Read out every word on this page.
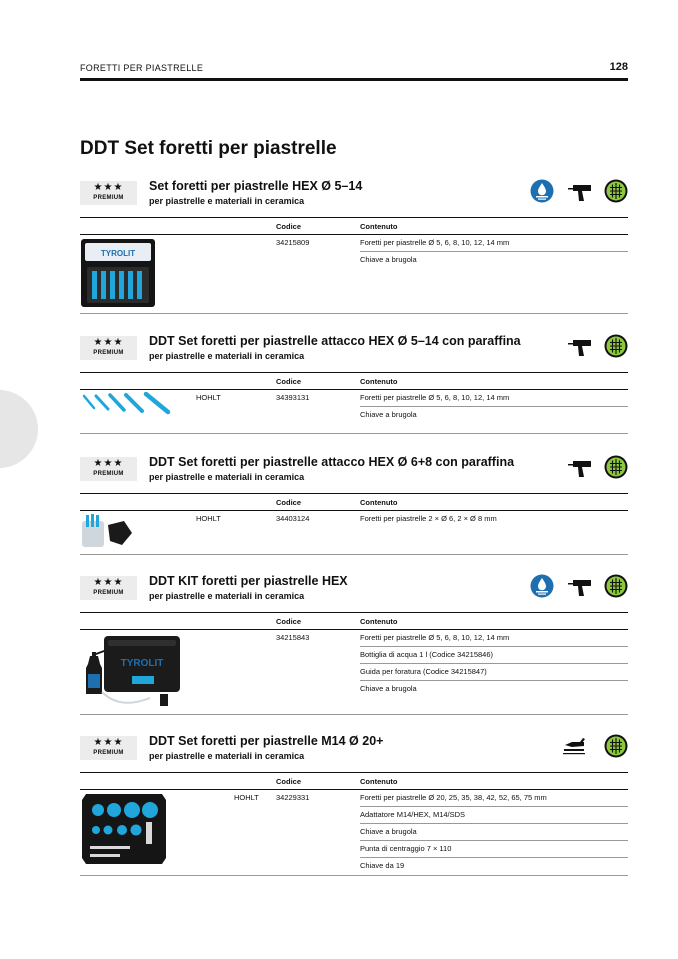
FORETTI PER PIASTRELLE	128
DDT Set foretti per piastrelle
★★★
PREMIUM
Set foretti per piastrelle HEX Ø 5–14
per piastrelle e materiali in ceramica
Codice	Contenuto
TYROLIT
34215809	Foretti per piastrelle Ø 5, 6, 8, 10, 12, 14 mm
Chiave a brugola
★★★
PREMIUM
DDT Set foretti per piastrelle attacco HEX Ø 5–14 con paraffina
per piastrelle e materiali in ceramica
Codice	Contenuto
HOHLT	34393131	Foretti per piastrelle Ø 5, 6, 8, 10, 12, 14 mm
Chiave a brugola
★★★
PREMIUM
DDT Set foretti per piastrelle attacco HEX Ø 6+8 con paraffina
per piastrelle e materiali in ceramica
Codice	Contenuto
HOHLT	34403124	Foretti per piastrelle 2 × Ø 6, 2 × Ø 8 mm
★★★
PREMIUM
DDT KIT foretti per piastrelle HEX
per piastrelle e materiali in ceramica
Codice	Contenuto
TYROLIT
34215843	Foretti per piastrelle Ø 5, 6, 8, 10, 12, 14 mm
Bottiglia di acqua 1 l (Codice 34215846)
Guida per foratura (Codice 34215847)
Chiave a brugola
★★★
PREMIUM
DDT Set foretti per piastrelle M14 Ø 20+
per piastrelle e materiali in ceramica
Codice	Contenuto
HOHLT 34229331	Foretti per piastrelle Ø 20, 25, 35, 38, 42, 52, 65, 75 mm
Adattatore M14/HEX, M14/SDS
Chiave a brugola
Punta di centraggio 7 × 110
Chiave da 19
